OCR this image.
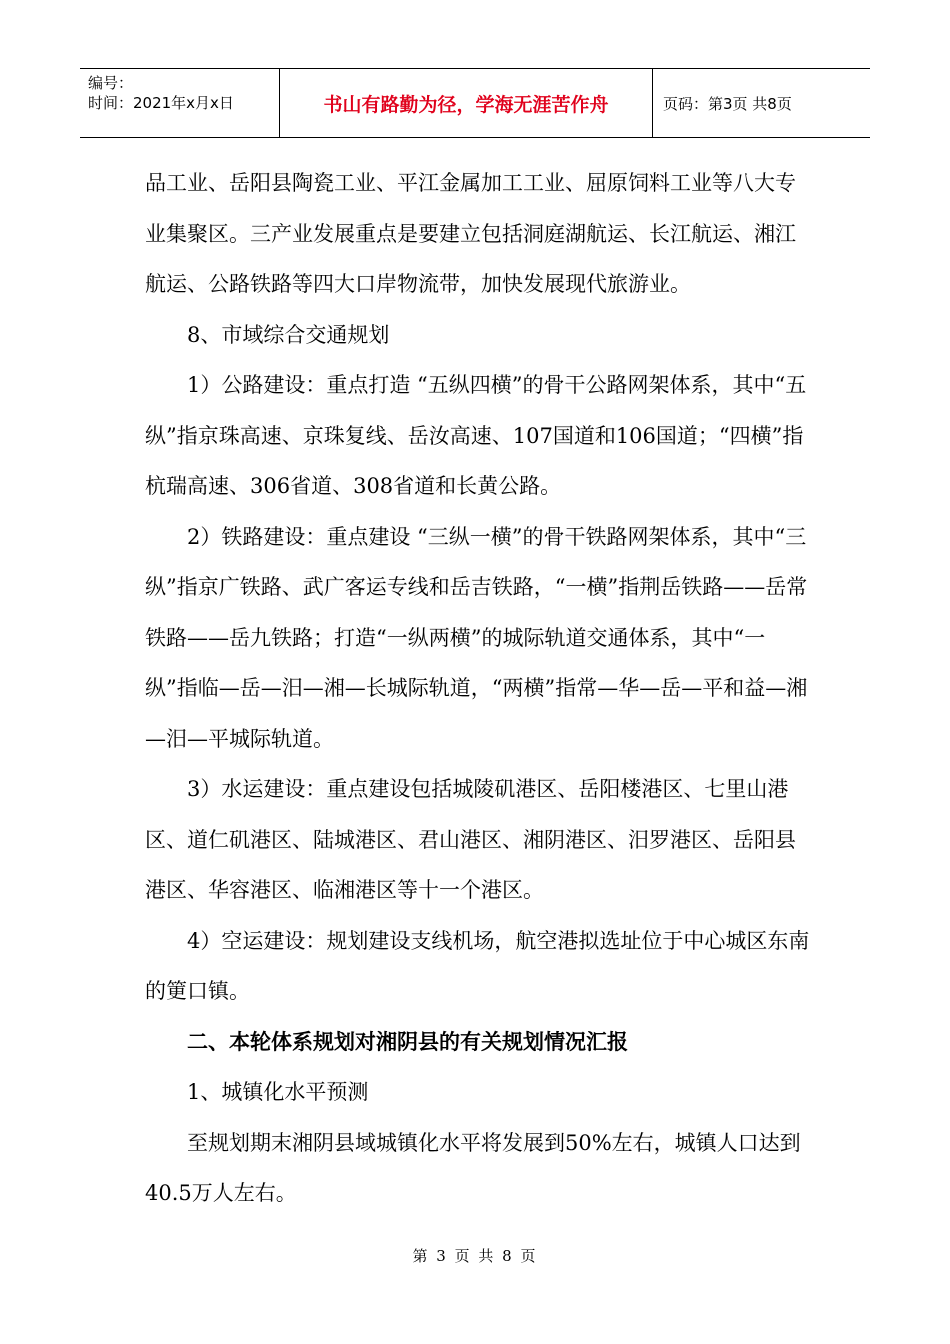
编号：
时间：2021年x月x日	书山有路勤为径，学海无涯苦作舟	页码：第3页 共8页

品工业、岳阳县陶瓷工业、平江金属加工工业、屈原饲料工业等八大专业集聚区。三产业发展重点是要建立包括洞庭湖航运、长江航运、湘江航运、公路铁路等四大口岸物流带，加快发展现代旅游业。

8、市域综合交通规划

1）公路建设：重点打造 “五纵四横”的骨干公路网架体系，其中“五纵”指京珠高速、京珠复线、岳汝高速、107国道和106国道；“四横”指杭瑞高速、306省道、308省道和长黄公路。

2）铁路建设：重点建设 “三纵一横”的骨干铁路网架体系，其中“三纵”指京广铁路、武广客运专线和岳吉铁路，“一横”指荆岳铁路——岳常铁路——岳九铁路；打造“一纵两横”的城际轨道交通体系，其中“一纵”指临—岳—汨—湘—长城际轨道，“两横”指常—华—岳—平和益—湘—汨—平城际轨道。

3）水运建设：重点建设包括城陵矶港区、岳阳楼港区、七里山港区、道仁矶港区、陆城港区、君山港区、湘阴港区、汨罗港区、岳阳县港区、华容港区、临湘港区等十一个港区。

4）空运建设：规划建设支线机场，航空港拟选址位于中心城区东南的筻口镇。

二、本轮体系规划对湘阴县的有关规划情况汇报

1、城镇化水平预测

至规划期末湘阴县域城镇化水平将发展到50%左右，城镇人口达到40.5万人左右。

第 3 页 共 8 页
